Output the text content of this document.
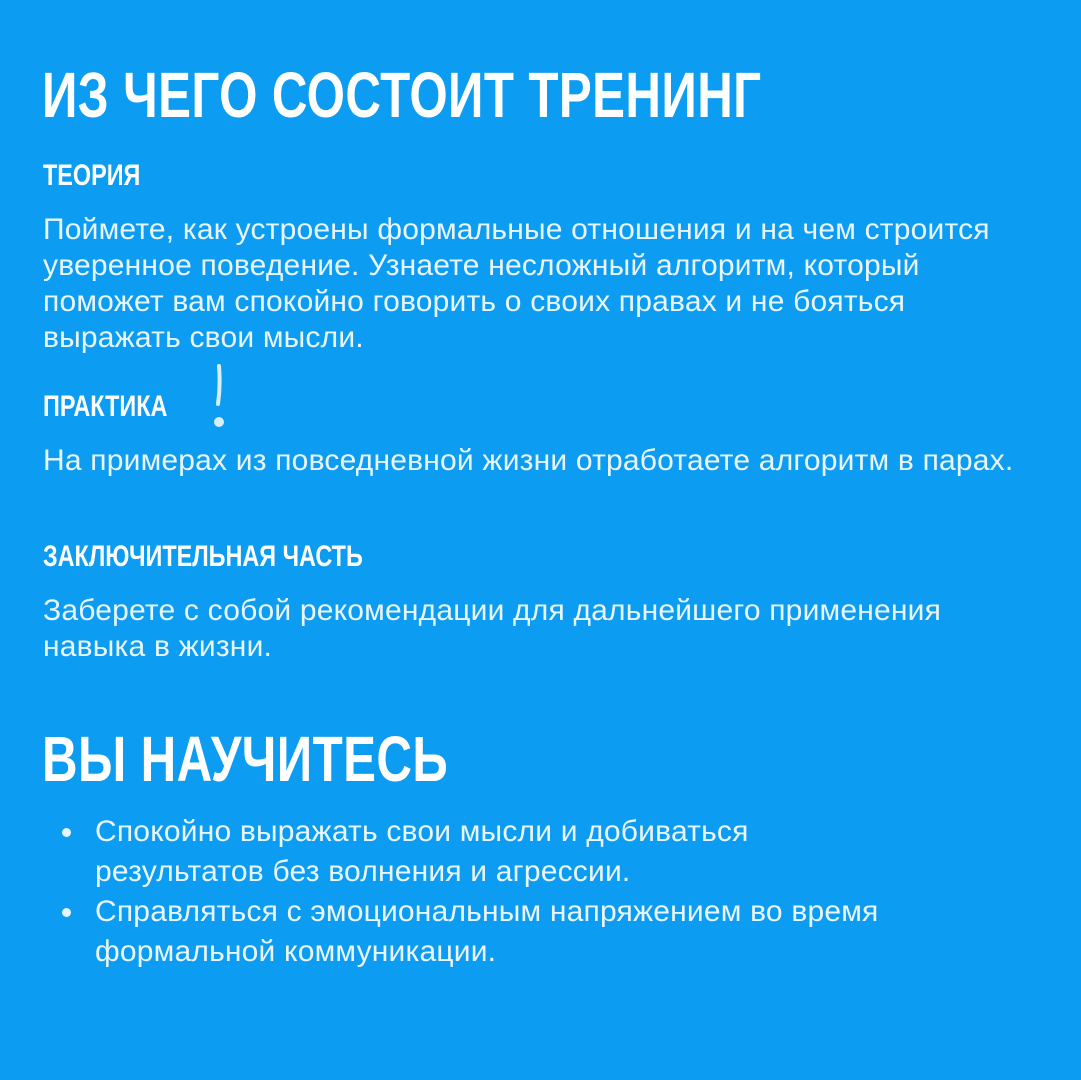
ИЗ ЧЕГО СОСТОИТ ТРЕНИНГ
ТЕОРИЯ

Поймете, как устроены формальные отношения и на чем строится уверенное поведение. Узнаете несложный алгоритм, который поможет вам спокойно говорить о своих правах и не бояться выражать свои мысли.

ПРАКТИКА

На примерах из повседневной жизни отработаете алгоритм в парах.

ЗАКЛЮЧИТЕЛЬНАЯ ЧАСТЬ

Заберете с собой рекомендации для дальнейшего применения навыка в жизни.

ВЫ НАУЧИТЕСЬ
Спокойно выражать свои мысли и добиваться результатов без волнения и агрессии.
Справляться с эмоциональным напряжением во время формальной коммуникации.
